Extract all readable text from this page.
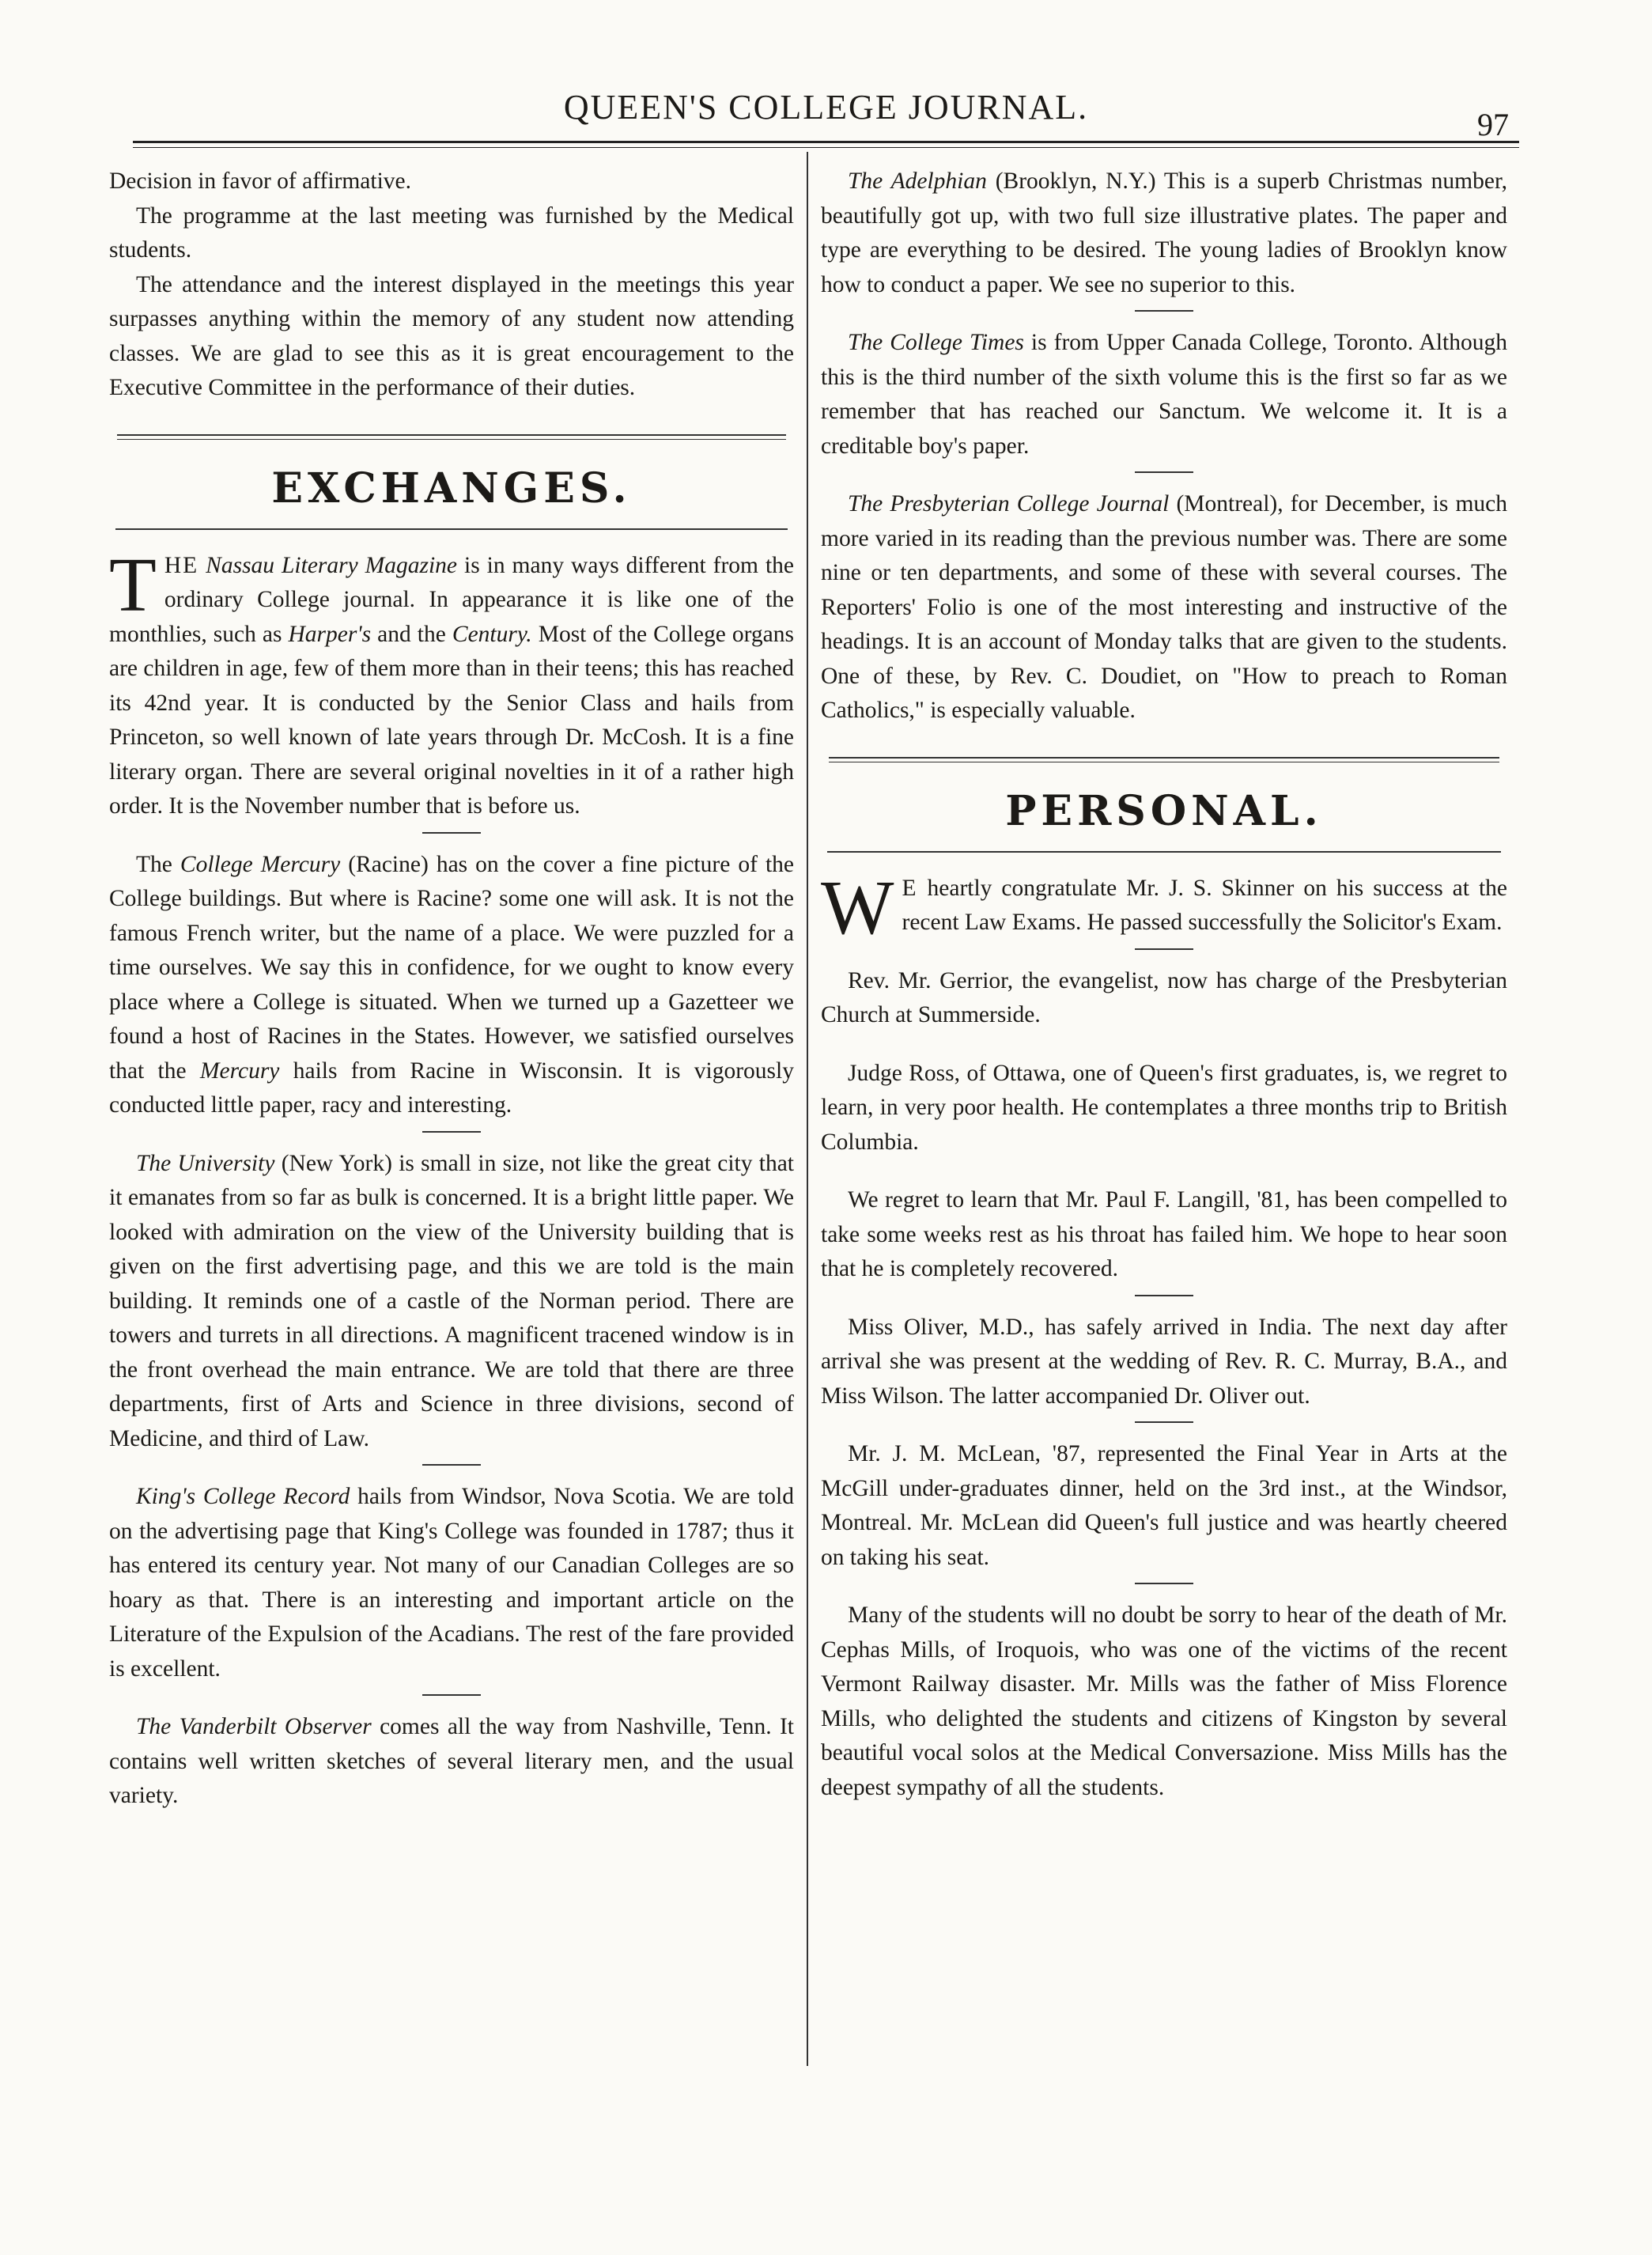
QUEEN'S COLLEGE JOURNAL.	97

Decision in favor of affirmative.

The programme at the last meeting was furnished by the Medical students.

The attendance and the interest displayed in the meetings this year surpasses anything within the memory of any student now attending classes. We are glad to see this as it is great encouragement to the Executive Committee in the performance of their duties.

EXCHANGES.

THE Nassau Literary Magazine is in many ways different from the ordinary College journal. In appearance it is like one of the monthlies, such as Harper's and the Century. Most of the College organs are children in age, few of them more than in their teens; this has reached its 42nd year. It is conducted by the Senior Class and hails from Princeton, so well known of late years through Dr. McCosh. It is a fine literary organ. There are several original novelties in it of a rather high order. It is the November number that is before us.

The College Mercury (Racine) has on the cover a fine picture of the College buildings. But where is Racine? some one will ask. It is not the famous French writer, but the name of a place. We were puzzled for a time ourselves. We say this in confidence, for we ought to know every place where a College is situated. When we turned up a Gazetteer we found a host of Racines in the States. However, we satisfied ourselves that the Mercury hails from Racine in Wisconsin. It is vigorously conducted little paper, racy and interesting.

The University (New York) is small in size, not like the great city that it emanates from so far as bulk is concerned. It is a bright little paper. We looked with admiration on the view of the University building that is given on the first advertising page, and this we are told is the main building. It reminds one of a castle of the Norman period. There are towers and turrets in all directions. A magnificent tracened window is in the front overhead the main entrance. We are told that there are three departments, first of Arts and Science in three divisions, second of Medicine, and third of Law.

King's College Record hails from Windsor, Nova Scotia. We are told on the advertising page that King's College was founded in 1787; thus it has entered its century year. Not many of our Canadian Colleges are so hoary as that. There is an interesting and important article on the Literature of the Expulsion of the Acadians. The rest of the fare provided is excellent.

The Vanderbilt Observer comes all the way from Nashville, Tenn. It contains well written sketches of several literary men, and the usual variety.

The Adelphian (Brooklyn, N.Y.) This is a superb Christmas number, beautifully got up, with two full size illustrative plates. The paper and type are everything to be desired. The young ladies of Brooklyn know how to conduct a paper. We see no superior to this.

The College Times is from Upper Canada College, Toronto. Although this is the third number of the sixth volume this is the first so far as we remember that has reached our Sanctum. We welcome it. It is a creditable boy's paper.

The Presbyterian College Journal (Montreal), for December, is much more varied in its reading than the previous number was. There are some nine or ten departments, and some of these with several courses. The Reporters' Folio is one of the most interesting and instructive of the headings. It is an account of Monday talks that are given to the students. One of these, by Rev. C. Doudiet, on "How to preach to Roman Catholics," is especially valuable.

PERSONAL.

W E heartly congratulate Mr. J. S. Skinner on his success at the recent Law Exams. He passed successfully the Solicitor's Exam.

Rev. Mr. Gerrior, the evangelist, now has charge of the Presbyterian Church at Summerside.

Judge Ross, of Ottawa, one of Queen's first graduates, is, we regret to learn, in very poor health. He contemplates a three months trip to British Columbia.

We regret to learn that Mr. Paul F. Langill, '81, has been compelled to take some weeks rest as his throat has failed him. We hope to hear soon that he is completely recovered.

Miss Oliver, M.D., has safely arrived in India. The next day after arrival she was present at the wedding of Rev. R. C. Murray, B.A., and Miss Wilson. The latter accompanied Dr. Oliver out.

Mr. J. M. McLean, '87, represented the Final Year in Arts at the McGill under-graduates dinner, held on the 3rd inst., at the Windsor, Montreal. Mr. McLean did Queen's full justice and was heartly cheered on taking his seat.

Many of the students will no doubt be sorry to hear of the death of Mr. Cephas Mills, of Iroquois, who was one of the victims of the recent Vermont Railway disaster. Mr. Mills was the father of Miss Florence Mills, who delighted the students and citizens of Kingston by several beautiful vocal solos at the Medical Conversazione. Miss Mills has the deepest sympathy of all the students.
